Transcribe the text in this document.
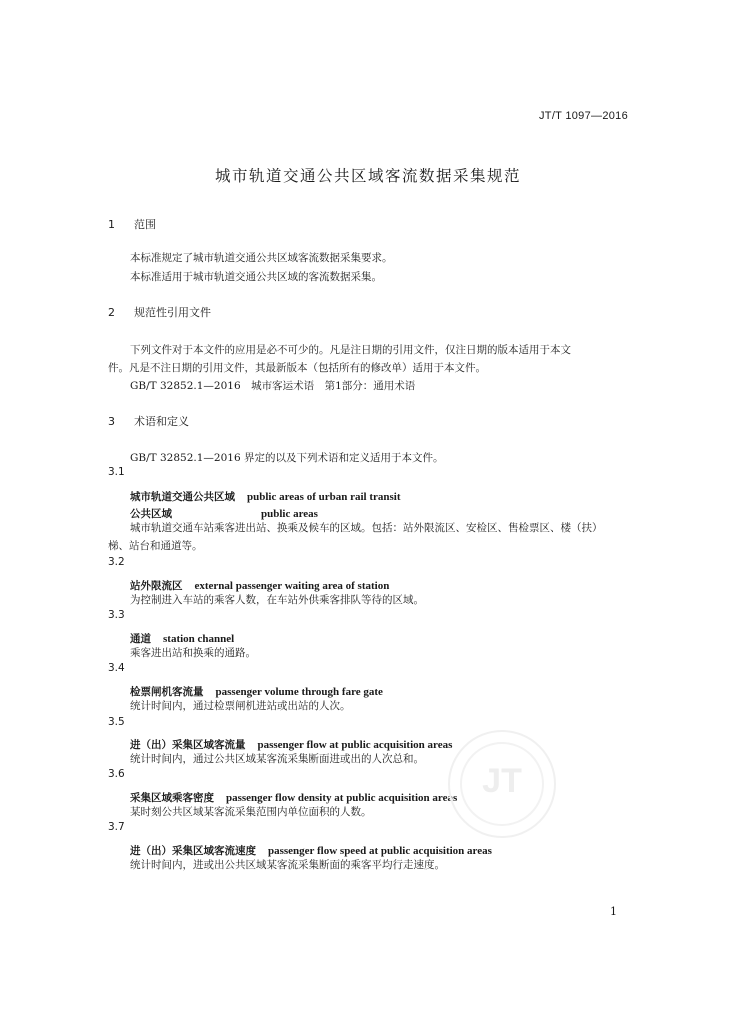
JT/T 1097—2016
城市轨道交通公共区域客流数据采集规范
1 范围
本标准规定了城市轨道交通公共区域客流数据采集要求。
本标准适用于城市轨道交通公共区域的客流数据采集。
2 规范性引用文件
下列文件对于本文件的应用是必不可少的。凡是注日期的引用文件，仅注日期的版本适用于本文
件。凡是不注日期的引用文件，其最新版本（包括所有的修改单）适用于本文件。
GB/T 32852.1—2016　城市客运术语　第1部分：通用术语
3 术语和定义
GB/T 32852.1—2016 界定的以及下列术语和定义适用于本文件。
3.1
城市轨道交通公共区域 public areas of urban rail transit
公共区域	public areas
城市轨道交通车站乘客进出站、换乘及候车的区域。包括：站外限流区、安检区、售检票区、楼（扶）
梯、站台和通道等。
3.2
站外限流区 external passenger waiting area of station
为控制进入车站的乘客人数，在车站外供乘客排队等待的区域。
3.3
通道 station channel
乘客进出站和换乘的通路。
3.4
检票闸机客流量 passenger volume through fare gate
统计时间内，通过检票闸机进站或出站的人次。
3.5
进（出）采集区域客流量 passenger flow at public acquisition areas
统计时间内，通过公共区域某客流采集断面进或出的人次总和。
3.6
采集区域乘客密度 passenger flow density at public acquisition areas
某时刻公共区域某客流采集范围内单位面积的人数。
3.7
进（出）采集区域客流速度 passenger flow speed at public acquisition areas
统计时间内，进或出公共区域某客流采集断面的乘客平均行走速度。
JT
1
